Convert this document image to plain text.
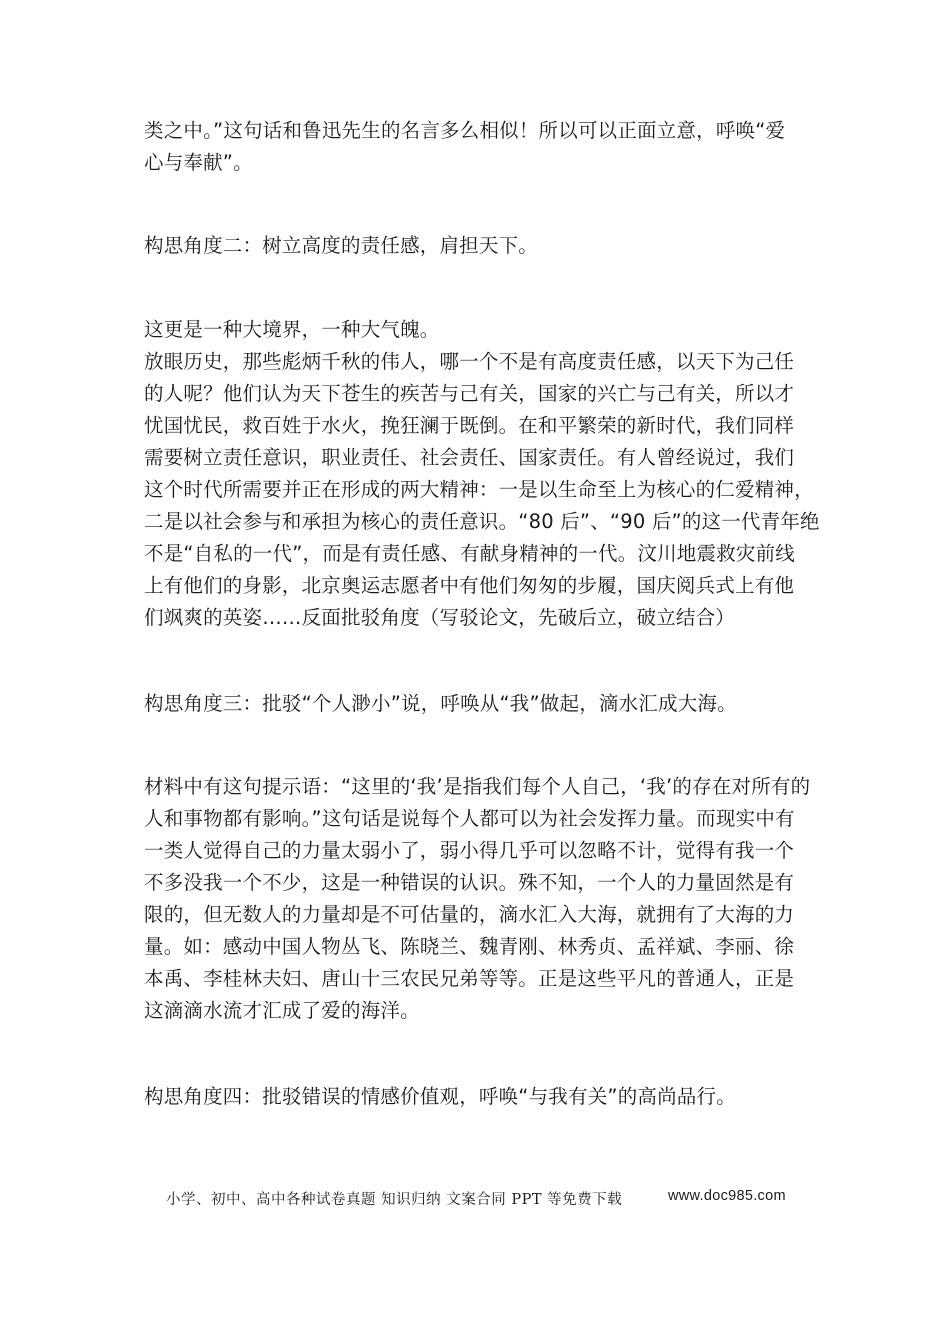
类之中。”这句话和鲁迅先生的名言多么相似！所以可以正面立意，呼唤“爱
心与奉献”。
构思角度二：树立高度的责任感，肩担天下。
这更是一种大境界，一种大气魄。
放眼历史，那些彪炳千秋的伟人，哪一个不是有高度责任感，以天下为己任
的人呢？他们认为天下苍生的疾苦与己有关，国家的兴亡与己有关，所以才
忧国忧民，救百姓于水火，挽狂澜于既倒。在和平繁荣的新时代，我们同样
需要树立责任意识，职业责任、社会责任、国家责任。有人曾经说过，我们
这个时代所需要并正在形成的两大精神：一是以生命至上为核心的仁爱精神，
二是以社会参与和承担为核心的责任意识。“80 后”、“90 后”的这一代青年绝
不是“自私的一代”，而是有责任感、有献身精神的一代。汶川地震救灾前线
上有他们的身影，北京奥运志愿者中有他们匆匆的步履，国庆阅兵式上有他
们飒爽的英姿……反面批驳角度（写驳论文，先破后立，破立结合）
构思角度三：批驳“个人渺小”说，呼唤从“我”做起，滴水汇成大海。
材料中有这句提示语：“这里的‘我’是指我们每个人自己，‘我’的存在对所有的
人和事物都有影响。”这句话是说每个人都可以为社会发挥力量。而现实中有
一类人觉得自己的力量太弱小了，弱小得几乎可以忽略不计，觉得有我一个
不多没我一个不少，这是一种错误的认识。殊不知，一个人的力量固然是有
限的，但无数人的力量却是不可估量的，滴水汇入大海，就拥有了大海的力
量。如：感动中国人物丛飞、陈晓兰、魏青刚、林秀贞、孟祥斌、李丽、徐
本禹、李桂林夫妇、唐山十三农民兄弟等等。正是这些平凡的普通人，正是
这滴滴水流才汇成了爱的海洋。
构思角度四：批驳错误的情感价值观，呼唤“与我有关”的高尚品行。
小学、初中、高中各种试卷真题 知识归纳 文案合同 PPT 等免费下载	www.doc985.com
